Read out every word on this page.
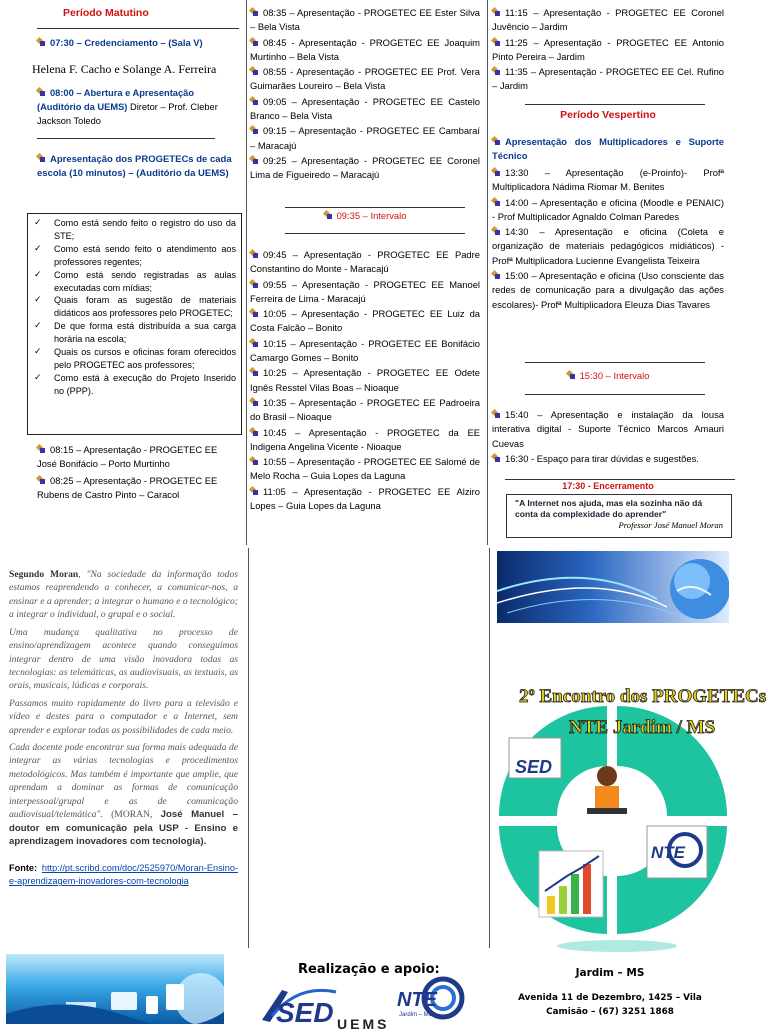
Período Matutino
07:30 – Credenciamento – (Sala V)
Helena F. Cacho e Solange A. Ferreira
08:00 – Abertura e Apresentação (Auditório da UEMS) Diretor – Prof. Cleber Jackson Toledo
Apresentação dos PROGETECs de cada escola (10 minutos) – (Auditório da UEMS)
✓ Como está sendo feito o registro do uso da STE;
✓ Como está sendo feito o atendimento aos professores regentes;
✓ Como está sendo registradas as aulas executadas com mídias;
✓ Quais foram as sugestão de materiais didáticos aos professores pelo PROGETEC;
✓ De que forma está distribuída a sua carga horária na escola;
✓ Quais os cursos e oficinas foram oferecidos pelo PROGETEC aos professores;
✓ Como está à execução do Projeto Inserido no (PPP).
08:15 – Apresentação - PROGETEC EE José Bonifácio – Porto Murtinho
08:25 – Apresentação - PROGETEC EE Rubens de Castro Pinto – Caracol
08:35 – Apresentação - PROGETEC EE Ester Silva – Bela Vista
08:45 - Apresentação - PROGETEC EE Joaquim Murtinho – Bela Vista
08:55 - Apresentação - PROGETEC EE Prof. Vera Guimarães Loureiro – Bela Vista
09:05 – Apresentação - PROGETEC EE Castelo Branco – Bela Vista
09:15 – Apresentação - PROGETEC EE Cambaraí – Maracajú
09:25 – Apresentação - PROGETEC EE Coronel Lima de Figueiredo – Maracajú
09:35 – Intervalo
09:45 – Apresentação - PROGETEC EE Padre Constantino do Monte - Maracajú
09:55 – Apresentação - PROGETEC EE Manoel Ferreira de Lima - Maracajú
10:05 – Apresentação - PROGETEC EE Luiz da Costa Falcão – Bonito
10:15 – Apresentação - PROGETEC EE Bonifácio Camargo Gomes – Bonito
10:25 – Apresentação - PROGETEC EE Odete Ignês Resstel Vilas Boas – Nioaque
10:35 – Apresentação - PROGETEC EE Padroeira do Brasil – Nioaque
10:45 – Apresentação - PROGETEC da EE Indigena Angelina Vicente - Nioaque
10:55 – Apresentação - PROGETEC EE Salomé de Melo Rocha – Guia Lopes da Laguna
11:05 – Apresentação - PROGETEC EE Alziro Lopes – Guia Lopes da Laguna
11:15 – Apresentação - PROGETEC EE Coronel Juvêncio – Jardim
11:25 – Apresentação - PROGETEC EE Antonio Pinto Pereira – Jardim
11:35 – Apresentação - PROGETEC EE Cel. Rufino – Jardim
Período Vespertino
Apresentação dos Multiplicadores e Suporte Técnico
13:30 – Apresentação (e-Proinfo)- Profª Multiplicadora Nádima Riomar M. Benites
14:00 – Apresentação e oficina (Moodle e PENAIC) - Prof Multiplicador Agnaldo Colman Paredes
14:30 – Apresentação e oficina (Coleta e organização de materiais pedagógicos midiáticos) - Profª Multiplicadora Lucienne Evangelista Teixeira
15:00 – Apresentação e oficina (Uso consciente das redes de comunicação para a divulgação das ações escolares)- Profª Multiplicadora Eleuza Dias Tavares
15:30 – Intervalo
15:40 – Apresentação e instalação da lousa interativa digital - Suporte Técnico Marcos Amauri Cuevas
16:30 - Espaço para tirar dúvidas e sugestões.
17:30 - Encerramento
"A Internet nos ajuda, mas ela sozinha não dá conta da complexidade do aprender"
Professor José Manuel Moran
Segundo Moran, "Na sociedade da informação todos estamos reaprendendo a conhecer, a comunicar-nos, a ensinar e a aprender; a integrar o humano e o tecnológico; a integrar o individual, o grupal e o social.
Uma mudança qualitativa no processo de ensino/aprendizagem acontece quando conseguimos integrar dentro de uma visão inovadora todas as tecnologias: as telemáticas, as audiovisuais, as textuais, as orais, musicais, lúdicas e corporais.
Passamos muito rapidamente do livro para a televisão e vídeo e destes para o computador e a Internet, sem aprender e explorar todas as possibilidades de cada meio.
Cada docente pode encontrar sua forma mais adequada de integrar as várias tecnologias e procedimentos metodológicos. Mas também é importante que amplie, que aprendam a dominar as formas de comunicação interpessoal/grupal e as de comunicação audiovisual/telemática". (MORAN, José Manuel – doutor em comunicação pela USP - Ensino e aprendizagem inovadores com tecnologia).
Fonte: http://pt.scribd.com/doc/2525970/Moran-Ensino-e-aprendizagem-inovadores-com-tecnologia
Realização e apoio:
SED	NTE
Jardim – MS
UEMS
2º Encontro dos PROGETECs
NTE Jardim / MS
SED
NTE
Jardim – MS
Avenida 11 de Dezembro, 1425 – Vila Camisão – (67) 3251 1868
